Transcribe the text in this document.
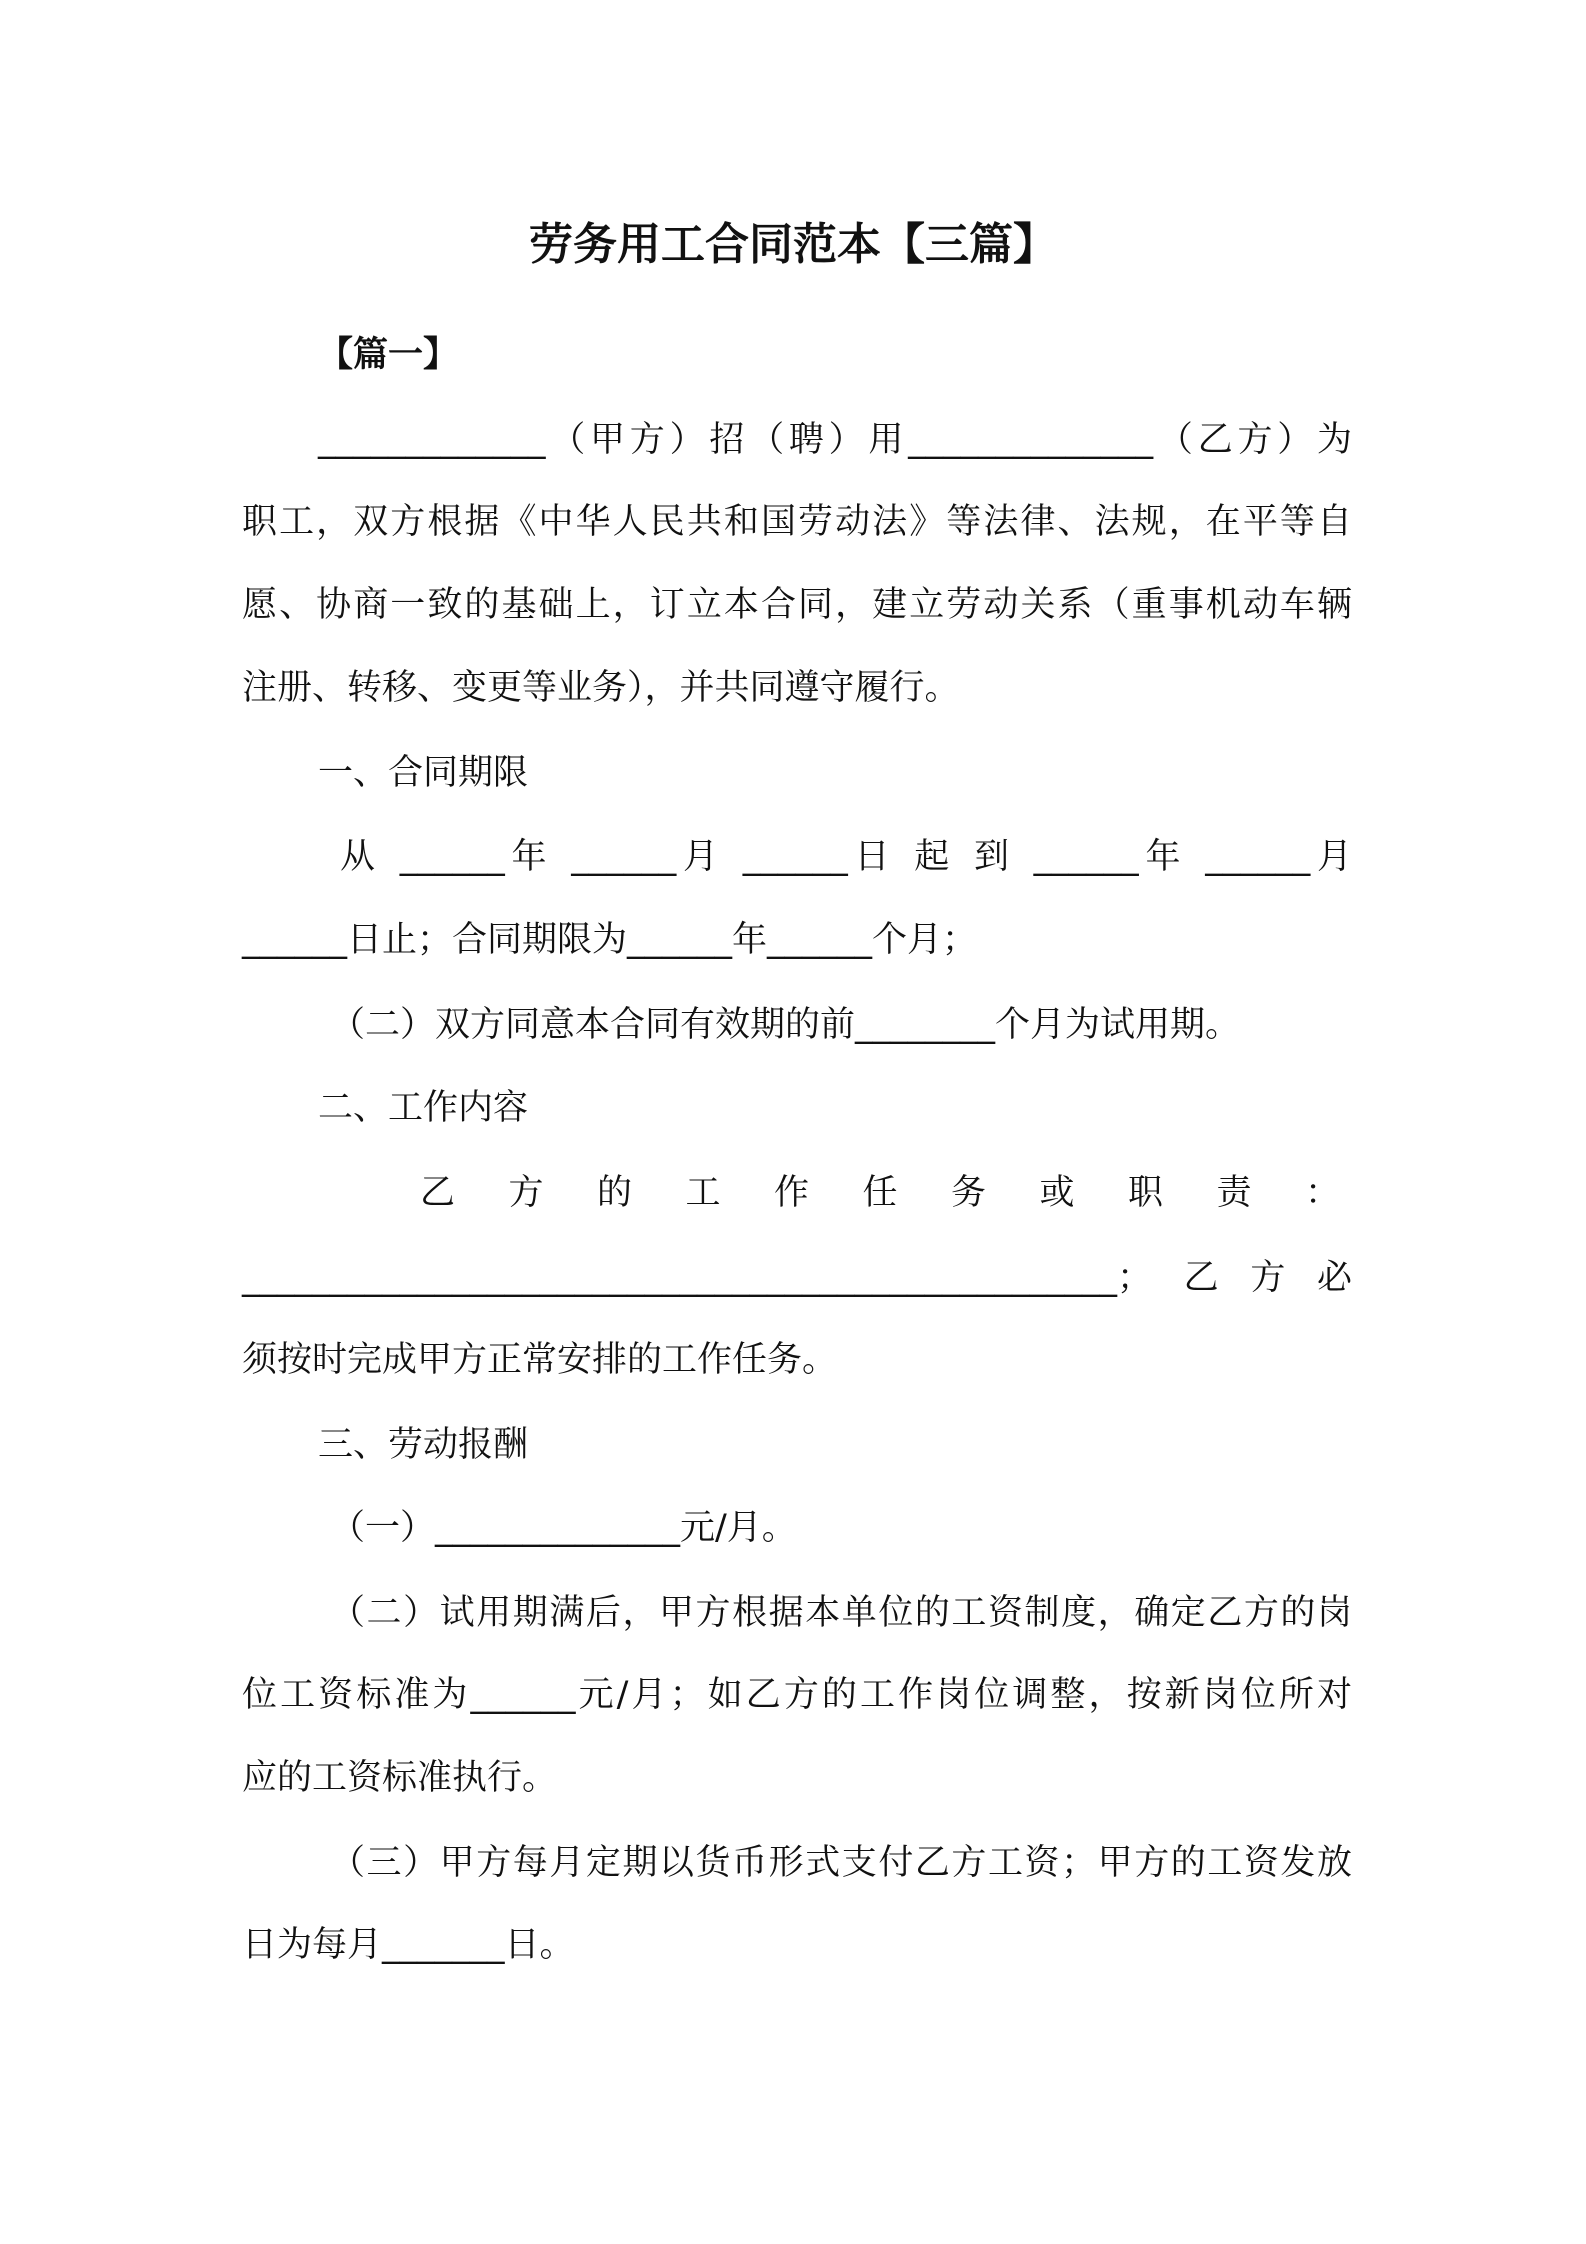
劳务用工合同范本【三篇】

【篇一】

_____________（甲方）招（聘）用______________（乙方）为

职工，双方根据《中华人民共和国劳动法》等法律、法规，在平等自

愿、协商一致的基础上，订立本合同，建立劳动关系（重事机动车辆

注册、转移、变更等业务），并共同遵守履行。

一、合同期限

从 ______年 ______月 ______日 起 到 ______年 ______月

______日止；合同期限为______年______个月；

（二）双方同意本合同有效期的前________个月为试用期。

二、工作内容

乙 方 的 工 作 任 务 或 职 责 ：

__________________________________________________；乙方必

须按时完成甲方正常安排的工作任务。

三、劳动报酬

（一）______________元/月。

（二）试用期满后，甲方根据本单位的工资制度，确定乙方的岗

位工资标准为______元/月；如乙方的工作岗位调整，按新岗位所对

应的工资标准执行。

（三）甲方每月定期以货币形式支付乙方工资；甲方的工资发放

日为每月_______日。
